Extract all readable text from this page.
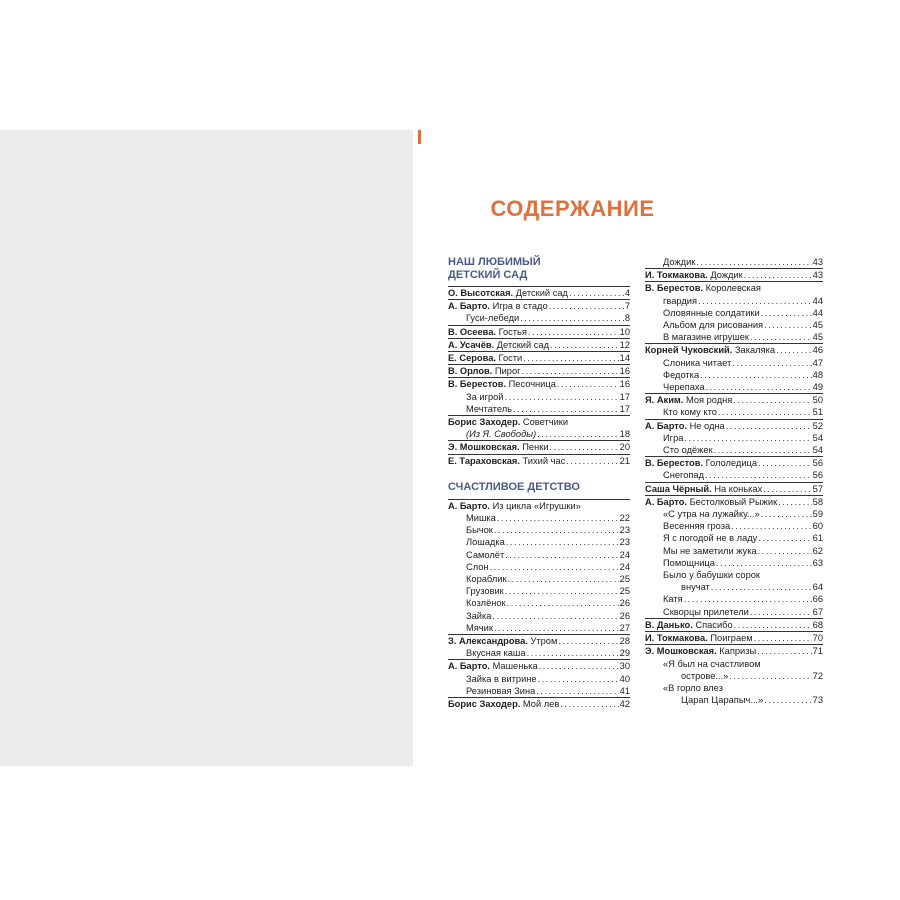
СОДЕРЖАНИЕ
НАШ ЛЮБИМЫЙ
ДЕТСКИЙ САД
О. Высотская. Детский сад .....	4
А. Барто. Игра в стадо .....	7
Гуси-лебеди .....	8
В. Осеева. Гостья .....	10
А. Усачёв. Детский сад .....	12
Е. Серова. Гости .....	14
В. Орлов. Пирог .....	16
В. Берестов. Песочница .....	16
За игрой .....	17
Мечтатель .....	17
Борис Заходер. Советчики
(Из Я. Свободы) .....	18
Э. Мошковская. Пенки .....	20
Е. Тараховская. Тихий час .....	21
СЧАСТЛИВОЕ ДЕТСТВО
А. Барто. Из цикла «Игрушки»
Мишка .....	22
Бычок .....	23
Лошадка .....	23
Самолёт .....	24
Слон .....	24
Кораблик .....	25
Грузовик .....	25
Козлёнок .....	26
Зайка .....	26
Мячик .....	27
З. Александрова. Утром .....	28
Вкусная каша .....	29
А. Барто. Машенька .....	30
Зайка в витрине .....	40
Резиновая Зина .....	41
Борис Заходер. Мой лев .....	42
Дождик .....	43
И. Токмакова. Дождик .....	43
В. Берестов. Королевская
гвардия .....	44
Оловянные солдатики .....	44
Альбом для рисования .....	45
В магазине игрушек .....	45
Корней Чуковский. Закаляка .....	46
Слоника читает .....	47
Федотка .....	48
Черепаха .....	49
Я. Аким. Моя родня .....	50
Кто кому кто .....	51
А. Барто. Не одна .....	52
Игра .....	54
Сто одёжек .....	54
В. Берестов. Гололедица .....	56
Снегопад .....	56
Саша Чёрный. На коньках .....	57
А. Барто. Бестолковый Рыжик .....	58
«С утра на лужайку...» .....	59
Весенняя гроза .....	60
Я с погодой не в ладу .....	61
Мы не заметили жука .....	62
Помощница .....	63
Было у бабушки сорок
внучат .....	64
Катя .....	66
Скворцы прилетели .....	67
В. Данько. Спасибо .....	68
И. Токмакова. Поиграем .....	70
Э. Мошковская. Капризы .....	71
«Я был на счастливом
острове...» .....	72
«В горло влез
Царап Царапыч...» .....	73
